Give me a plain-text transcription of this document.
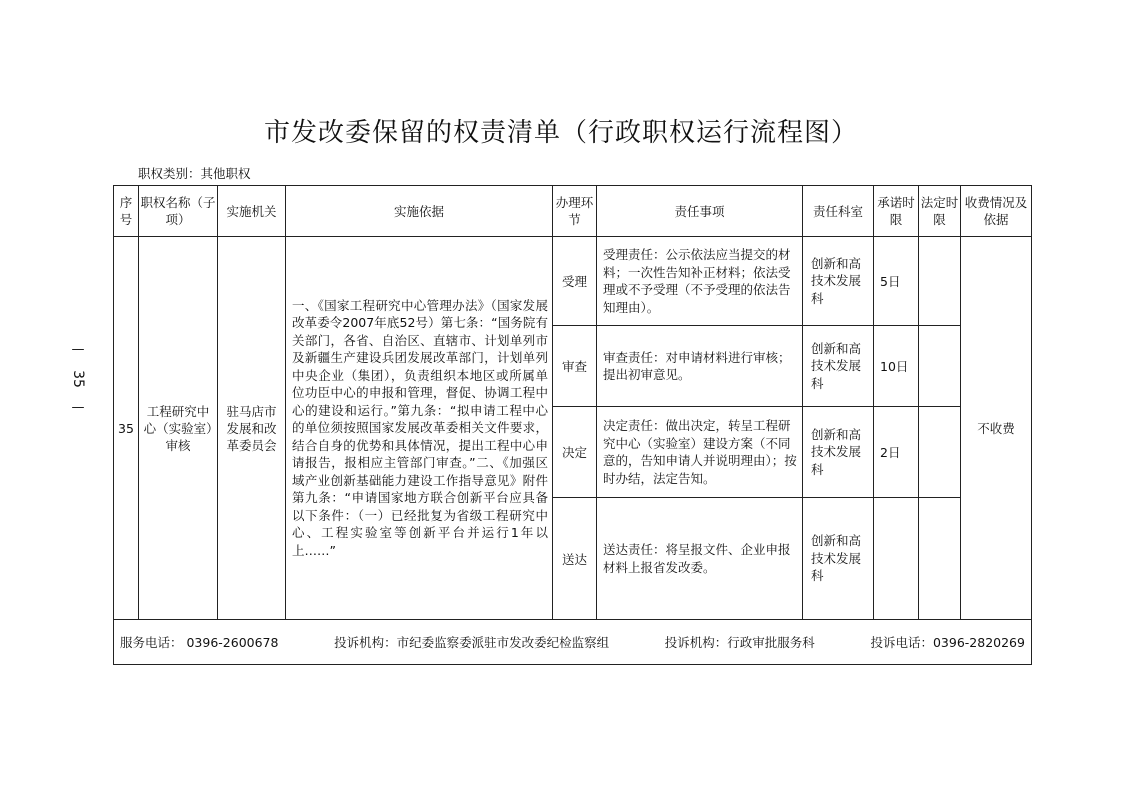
市发改委保留的权责清单（行政职权运行流程图）
职权类别：其他职权
—
35
—
序号	职权名称（子项）	实施机关	实施依据	办理环节	责任事项	责任科室	承诺时限	法定时限	收费情况及依据
35	工程研究中心（实验室）审核	驻马店市发展和改革委员会	一、《国家工程研究中心管理办法》（国家发展改革委令2007年底52号）第七条：“国务院有关部门，各省、自治区、直辖市、计划单列市及新疆生产建设兵团发展改革部门，计划单列中央企业（集团），负责组织本地区或所属单位功臣中心的申报和管理，督促、协调工程中心的建设和运行。”第九条：“拟申请工程中心的单位须按照国家发展改革委相关文件要求，结合自身的优势和具体情况，提出工程中心申请报告，报相应主管部门审查。”二、《加强区域产业创新基础能力建设工作指导意见》附件第九条：“申请国家地方联合创新平台应具备以下条件：（一）已经批复为省级工程研究中心、工程实验室等创新平台并运行1年以上……”	受理	受理责任：公示依法应当提交的材料；一次性告知补正材料；依法受理或不予受理（不予受理的依法告知理由）。	创新和高技术发展科	5日		不收费
				审查	审查责任：对申请材料进行审核；提出初审意见。	创新和高技术发展科	10日		
				决定	决定责任：做出决定，转呈工程研究中心（实验室）建设方案（不同意的，告知申请人并说明理由）；按时办结，法定告知。	创新和高技术发展科	2日		
				送达	送达责任：将呈报文件、企业申报材料上报省发改委。	创新和高技术发展科			

服务电话： 0396-2600678 投诉机构：市纪委监察委派驻市发改委纪检监察组 投诉机构：行政审批服务科 投诉电话：0396-2820269									
